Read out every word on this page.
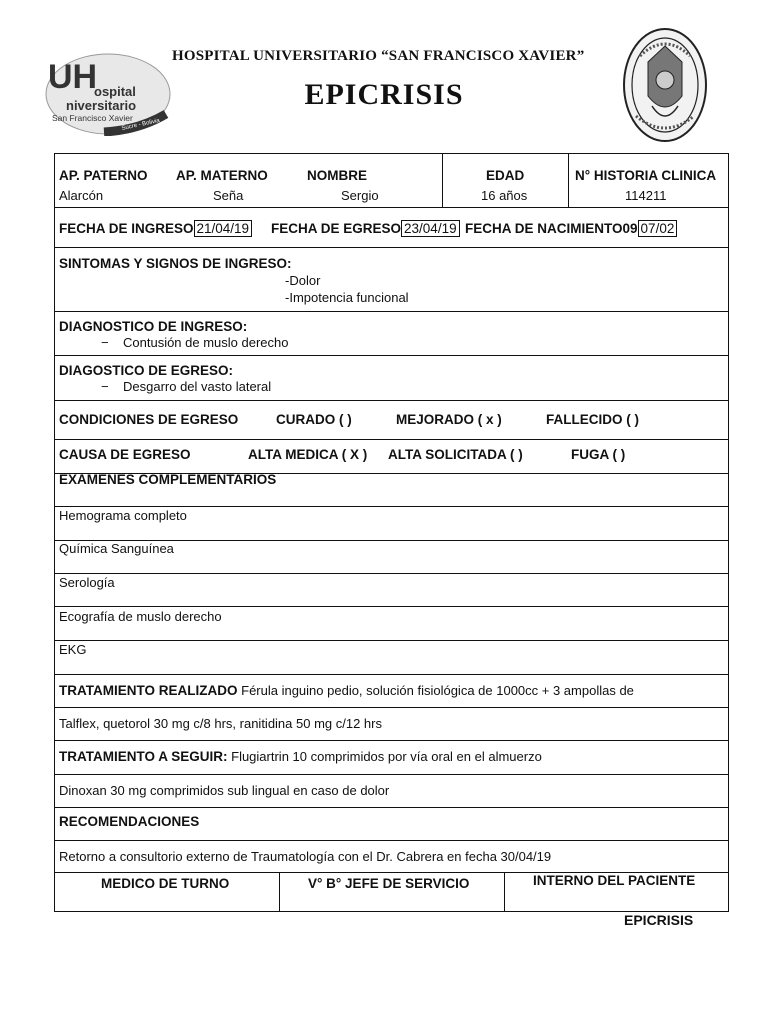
UH
ospital
niversitario
San Francisco Xavier
Sucre - Bolivia
HOSPITAL UNIVERSITARIO “SAN FRANCISCO XAVIER”
EPICRISIS
AP. PATERNO AP. MATERNO	NOMBRE	EDAD	N° HISTORIA CLINICA
Alarcón	Seña	Sergio	16 años	114211
FECHA DE INGRESO 21/04/19 FECHA DE EGRESO 23/04/19 FECHA DE NACIMIENTO09 07/02
SINTOMAS Y SIGNOS DE INGRESO:
-Dolor
-Impotencia funcional
DIAGNOSTICO DE INGRESO:
− Contusión de muslo derecho
DIAGOSTICO DE EGRESO:
− Desgarro del vasto lateral
CONDICIONES DE EGRESO	CURADO ( )	MEJORADO ( x )	FALLECIDO ( )
CAUSA DE EGRESO	ALTA MEDICA ( X ) ALTA SOLICITADA ( )	FUGA ( )
EXAMENES COMPLEMENTARIOS
Hemograma completo
Química Sanguínea
Serología
Ecografía de muslo derecho
EKG
TRATAMIENTO REALIZADO Férula inguino pedio, solución fisiológica de 1000cc + 3 ampollas de
Talflex, quetorol 30 mg c/8 hrs, ranitidina 50 mg c/12 hrs
TRATAMIENTO A SEGUIR: Flugiartrin 10 comprimidos por vía oral en el almuerzo
Dinoxan 30 mg comprimidos sub lingual en caso de dolor
RECOMENDACIONES
Retorno a consultorio externo de Traumatología con el Dr. Cabrera en fecha 30/04/19
MEDICO DE TURNO	V° B° JEFE DE SERVICIO	INTERNO DEL PACIENTE
EPICRISIS
